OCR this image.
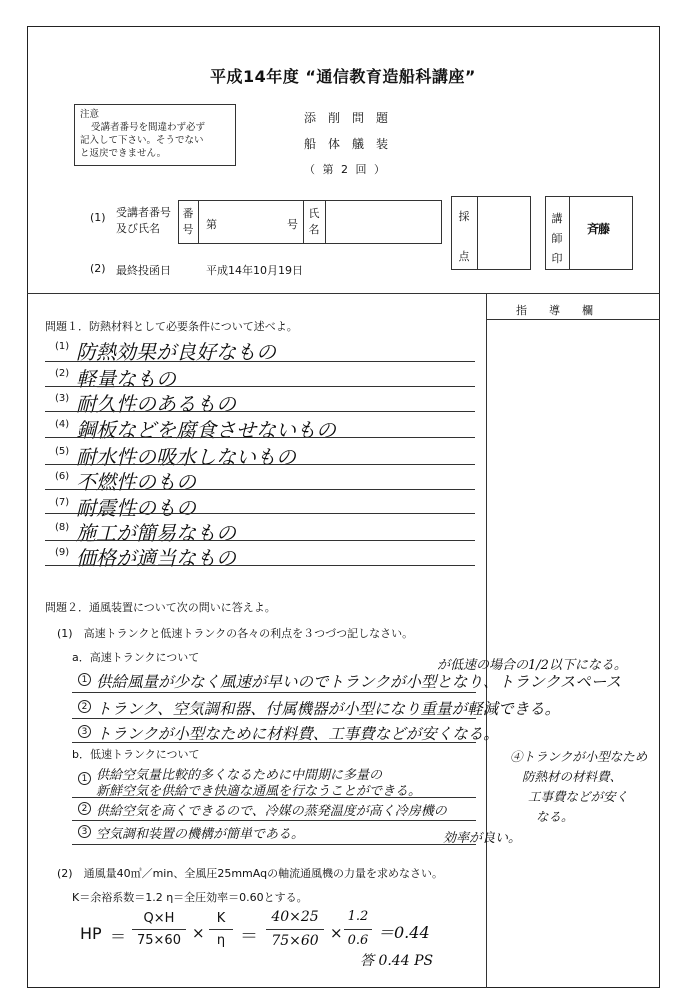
平成14年度 “通信教育造船科講座”
注意
受講者番号を間違わず必ず
記入して下さい。そうでない
と返戻できません。
添削問題
船体艤装
（ 第 2 回 ）
(1) 受講者番号
及び氏名
番
号 第	号
氏
名
採
点
講
師
印
斉藤
(2) 最終投函日	平成14年10月19日
指　　導　　欄
問題１．防熱材料として必要条件について述べよ。
(1) 防熱効果が良好なもの
(2) 軽量なもの
(3) 耐久性のあるもの
(4) 鋼板などを腐食させないもの
(5) 耐水性の吸水しないもの
(6) 不燃性のもの
(7) 耐震性のもの
(8) 施工が簡易なもの
(9) 価格が適当なもの
問題２．通風装置について次の問いに答えよ。
(1)　高速トランクと低速トランクの各々の利点を３つづつ記しなさい。
a．高速トランクについて
が低速の場合の1/2以下になる。
1 供給風量が少なく風速が早いのでトランクが小型となり、トランクスペース
2 トランク、空気調和器、付属機器が小型になり重量が軽減できる。
3 トランクが小型なために材料費、工事費などが安くなる。
b．低速トランクについて
1 供給空気量比較的多くなるために中間期に多量の
新鮮空気を供給でき快適な通風を行なうことができる。
2 供給空気を高くできるので、冷媒の蒸発温度が高く冷房機の
3 空気調和装置の機構が簡単である。	効率が良い。
④トランクが小型なため
防熱材の材料費、
工事費などが安く
なる。
(2)　通風量40㎥／min、全風圧25mmAqの軸流通風機の力量を求めなさい。
K＝余裕系数＝1.2 η＝全圧効率＝0.60とする。
HP ＝
Q×H
75×60 ×
K
η ＝
40×25
75×60 ×
1.2
0.6 ＝0.44
答 0.44 PS
